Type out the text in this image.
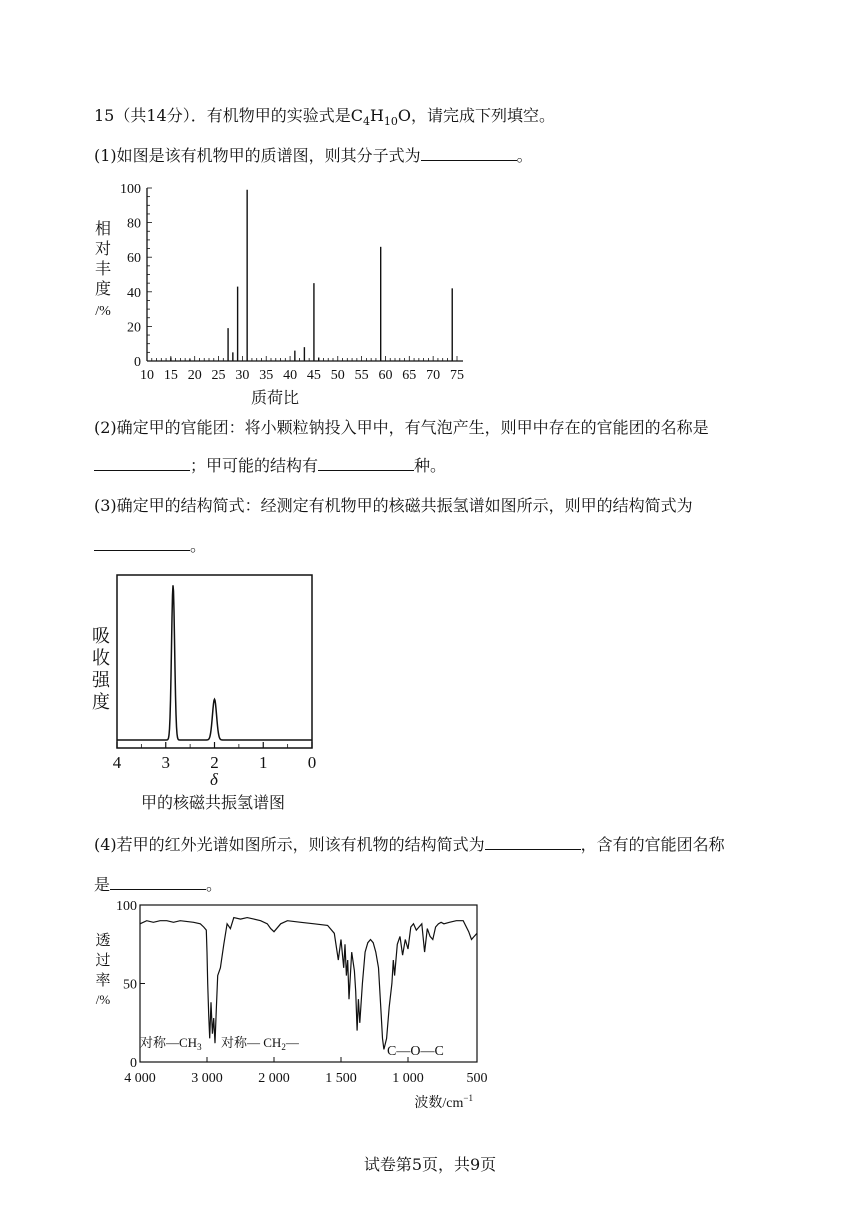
15（共14分）．有机物甲的实验式是$C_4H_{10}O$，请完成下列填空。
(1)如图是该有机物甲的质谱图，则其分子式为	。
相
对
丰
度
/%
10 15 20 25 30 35 40 45 50 55 60 65 70 75
0
20
40
60
80
100
质荷比
(2)确定甲的官能团：将小颗粒钠投入甲中，有气泡产生，则甲中存在的官能团的名称是
；甲可能的结构有	种。
(3)确定甲的结构简式：经测定有机物甲的核磁共振氢谱如图所示，则甲的结构简式为
。
吸
收
强
度
4 3 2 1 0
δ
甲的核磁共振氢谱图
(4)若甲的红外光谱如图所示，则该有机物的结构简式为	，含有的官能团名称
是	。
透
过
率
/%
4 000	3 000	2 000	1 500	1 000	500
0
50
100
对称$—CH_3$ 对称— $CH_2—$
C—O—C
波数$/cm^{-1}$
试卷第5页，共9页
